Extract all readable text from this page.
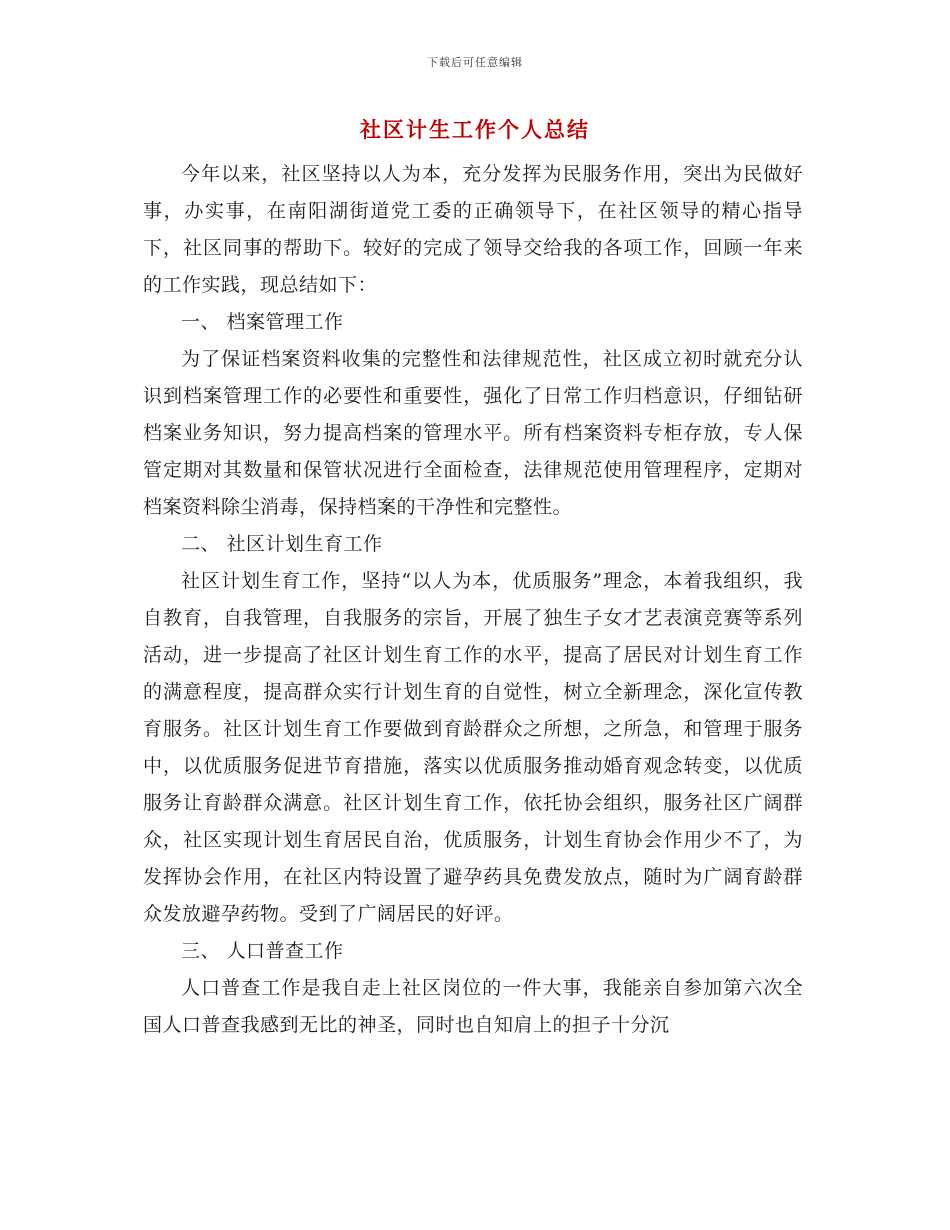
下载后可任意编辑
社区计生工作个人总结

今年以来，社区坚持以人为本，充分发挥为民服务作用，突出为民做好事，办实事，在南阳湖街道党工委的正确领导下，在社区领导的精心指导下，社区同事的帮助下。较好的完成了领导交给我的各项工作，回顾一年来的工作实践，现总结如下：

一、 档案管理工作

为了保证档案资料收集的完整性和法律规范性，社区成立初时就充分认识到档案管理工作的必要性和重要性，强化了日常工作归档意识，仔细钻研档案业务知识，努力提高档案的管理水平。所有档案资料专柜存放，专人保管定期对其数量和保管状况进行全面检查，法律规范使用管理程序，定期对档案资料除尘消毒，保持档案的干净性和完整性。

二、 社区计划生育工作

社区计划生育工作，坚持“以人为本，优质服务”理念，本着我组织，我自教育，自我管理，自我服务的宗旨，开展了独生子女才艺表演竞赛等系列活动，进一步提高了社区计划生育工作的水平，提高了居民对计划生育工作的满意程度，提高群众实行计划生育的自觉性，树立全新理念，深化宣传教育服务。社区计划生育工作要做到育龄群众之所想，之所急，和管理于服务中，以优质服务促进节育措施，落实以优质服务推动婚育观念转变，以优质服务让育龄群众满意。社区计划生育工作，依托协会组织，服务社区广阔群众，社区实现计划生育居民自治，优质服务，计划生育协会作用少不了，为发挥协会作用，在社区内特设置了避孕药具免费发放点，随时为广阔育龄群众发放避孕药物。受到了广阔居民的好评。

三、 人口普查工作

人口普查工作是我自走上社区岗位的一件大事，我能亲自参加第六次全国人口普查我感到无比的神圣，同时也自知肩上的担子十分沉
